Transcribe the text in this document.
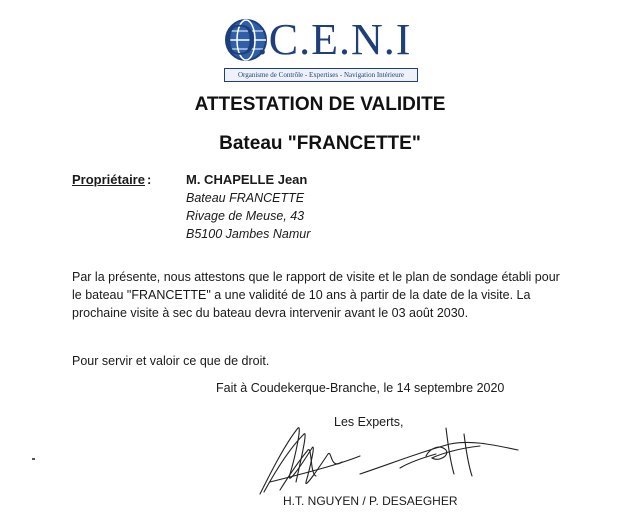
O.C.E.N.I
Organisme de Contrôle - Expertises - Navigation Intérieure
ATTESTATION DE VALIDITE
Bateau "FRANCETTE"
Propriétaire :	M. CHAPELLE Jean
Bateau FRANCETTE
Rivage de Meuse, 43
B5100 Jambes Namur
Par la présente, nous attestons que le rapport de visite et le plan de sondage établi pour le bateau "FRANCETTE" a une validité de 10 ans à partir de la date de la visite. La prochaine visite à sec du bateau devra intervenir avant le 03 août 2030.
Pour servir et valoir ce que de droit.
Fait à Coudekerque-Branche, le 14 septembre 2020
Les Experts,
H.T. NGUYEN / P. DESAEGHER
